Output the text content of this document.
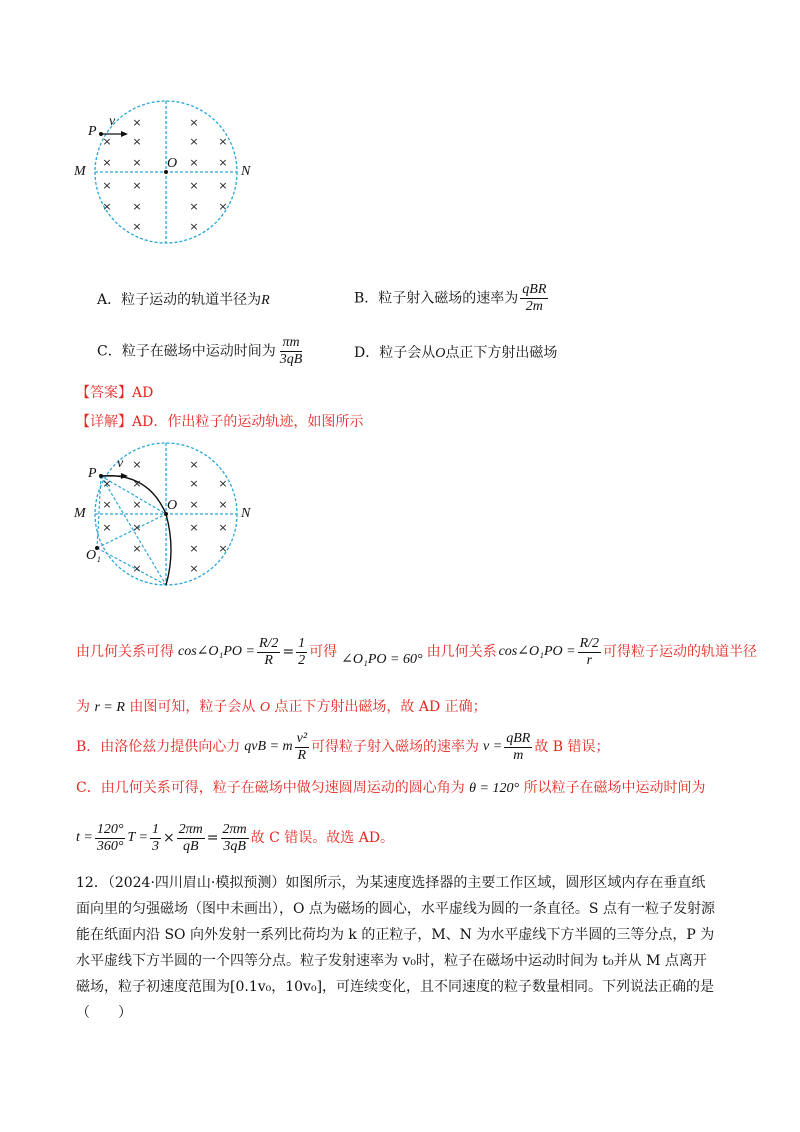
×
× ×	× ×
× ×	× ×
×
× ×	× ×
× ×	× ×
×	×
P
v
O
M	N
A．粒子运动的轨道半径为R	B．粒子射入磁场的速率为 $\frac{\text{qBR}}{2m}$
C．粒子在磁场中运动时间为 $\frac{\pi m}{3qB}$	D．粒子会从O点正下方射出磁场
【答案】AD
【详解】AD．作出粒子的运动轨迹，如图所示
×	×
× ×	× ×
× ×	× ×
× ×	× ×
×	× ×
×	×
P
v
O
M	N
O₁
由几何关系可得 cos∠O₁PO = $\frac{R/2}{R} = \frac{1}{2}$ 可得 ∠O₁PO = 60° 由几何关系 cos∠O₁PO = $\frac{R/2}{r}$ 可得粒子运动的轨道半径
为 r = R 由图可知，粒子会从 O 点正下方射出磁场，故 AD 正确；
B．由洛伦兹力提供向心力 qvB = m $\frac{\text{v²}}{R}$ 可得粒子射入磁场的速率为 $v = \frac{\text{qBR}}{m}$ 故 B 错误；
C．由几何关系可得，粒子在磁场中做匀速圆周运动的圆心角为 θ = 120° 所以粒子在磁场中运动时间为
$t = \frac{120^\circ}{360^\circ}$ $T = \frac{1}{3} \times \frac{2\pi m}{qB} = \frac{2\pi m}{3qB}$ 故 C 错误。故选 AD。
12．（2024·四川眉山·模拟预测）如图所示，为某速度选择器的主要工作区域，圆形区域内存在垂直纸面向里的匀强磁场（图中未画出），O 点为磁场的圆心，水平虚线为圆的一条直径。S 点有一粒子发射源能在纸面内沿 SO 向外发射一系列比荷均为 k 的正粒子，M、N 为水平虚线下方半圆的三等分点，P 为水平虚线下方半圆的一个四等分点。粒子发射速率为 v₀时，粒子在磁场中运动时间为 t₀并从 M 点离开磁场，粒子初速度范围为[0.1v₀，10v₀]，可连续变化，且不同速度的粒子数量相同。下列说法正确的是（　　）
